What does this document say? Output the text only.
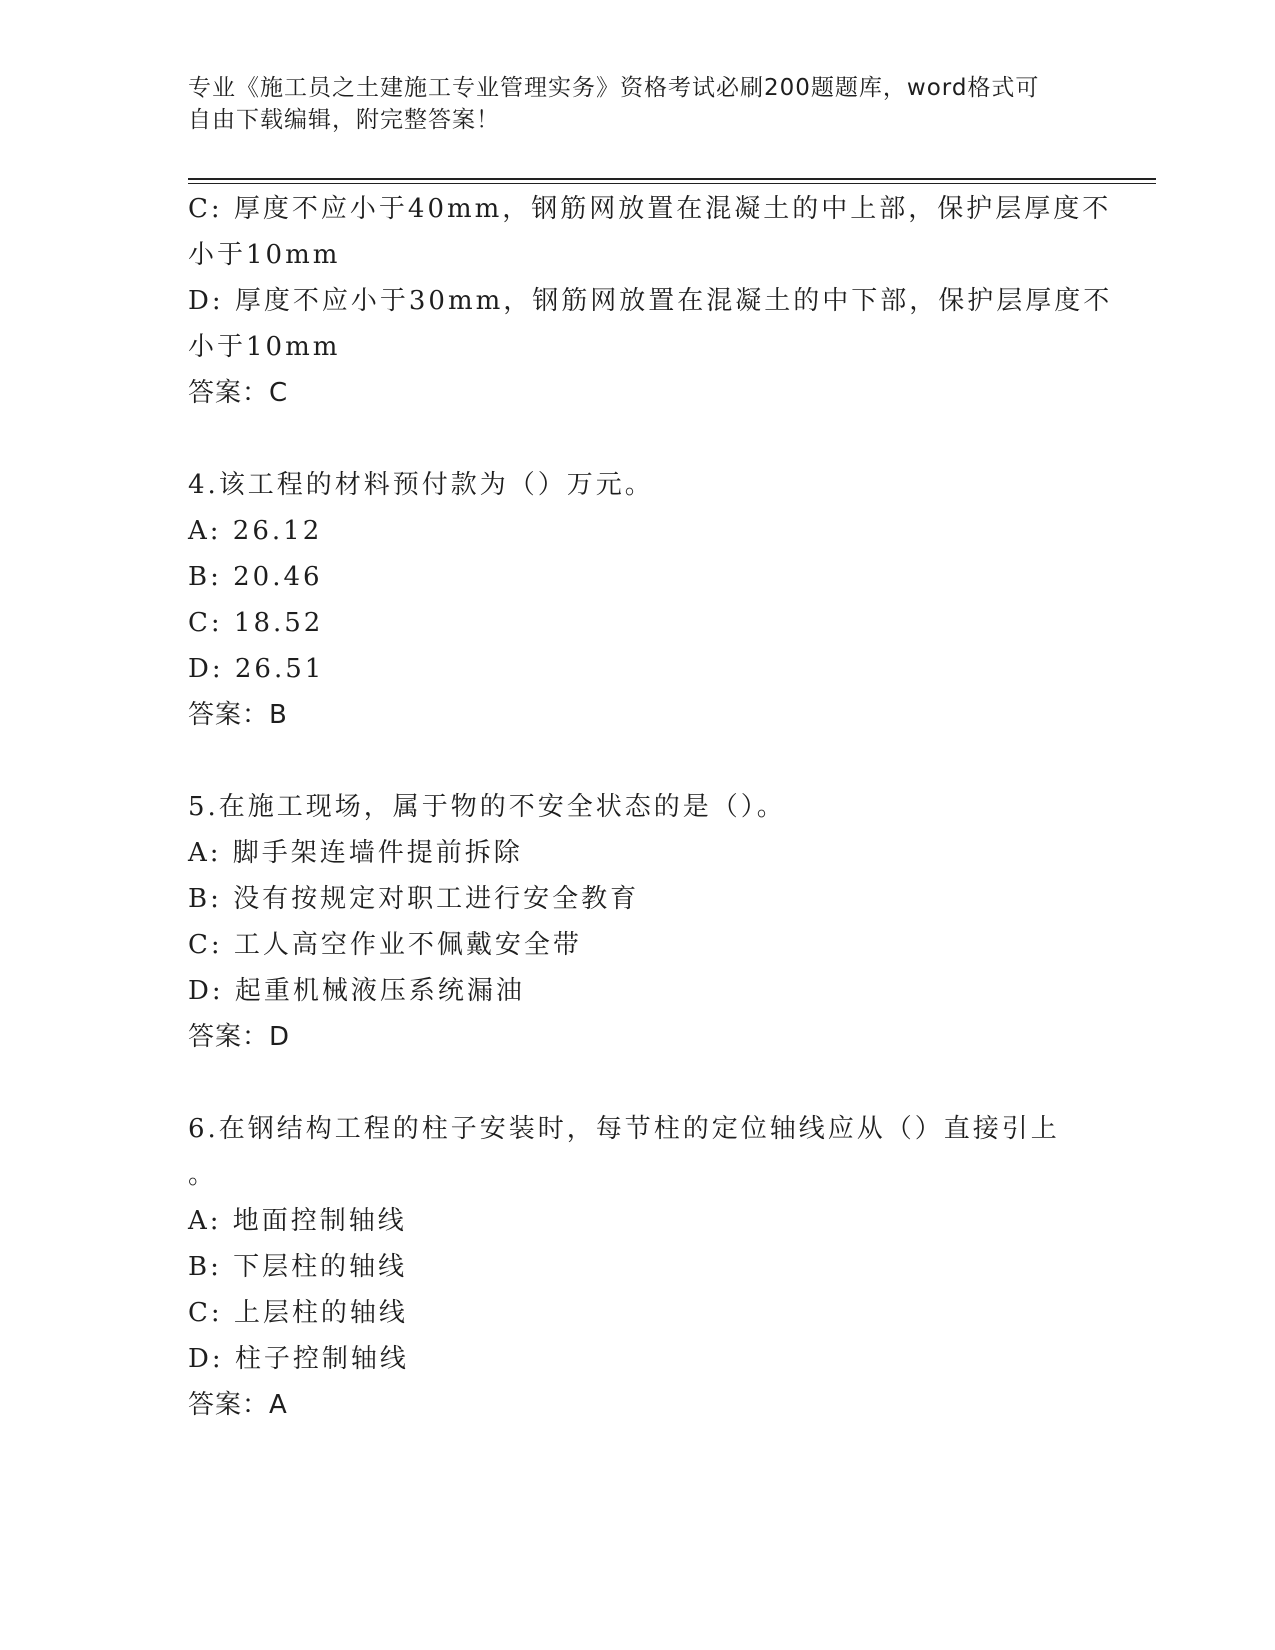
专业《施工员之土建施工专业管理实务》资格考试必刷200题题库，word格式可
自由下载编辑，附完整答案！
C: 厚度不应小于40mm，钢筋网放置在混凝土的中上部，保护层厚度不
小于10mm
D: 厚度不应小于30mm，钢筋网放置在混凝土的中下部，保护层厚度不
小于10mm
答案：C
4.该工程的材料预付款为（）万元。
A: 26.12
B: 20.46
C: 18.52
D: 26.51
答案：B
5.在施工现场，属于物的不安全状态的是（）。
A: 脚手架连墙件提前拆除
B: 没有按规定对职工进行安全教育
C: 工人高空作业不佩戴安全带
D: 起重机械液压系统漏油
答案：D
6.在钢结构工程的柱子安装时，每节柱的定位轴线应从（）直接引上
。
A: 地面控制轴线
B: 下层柱的轴线
C: 上层柱的轴线
D: 柱子控制轴线
答案：A
